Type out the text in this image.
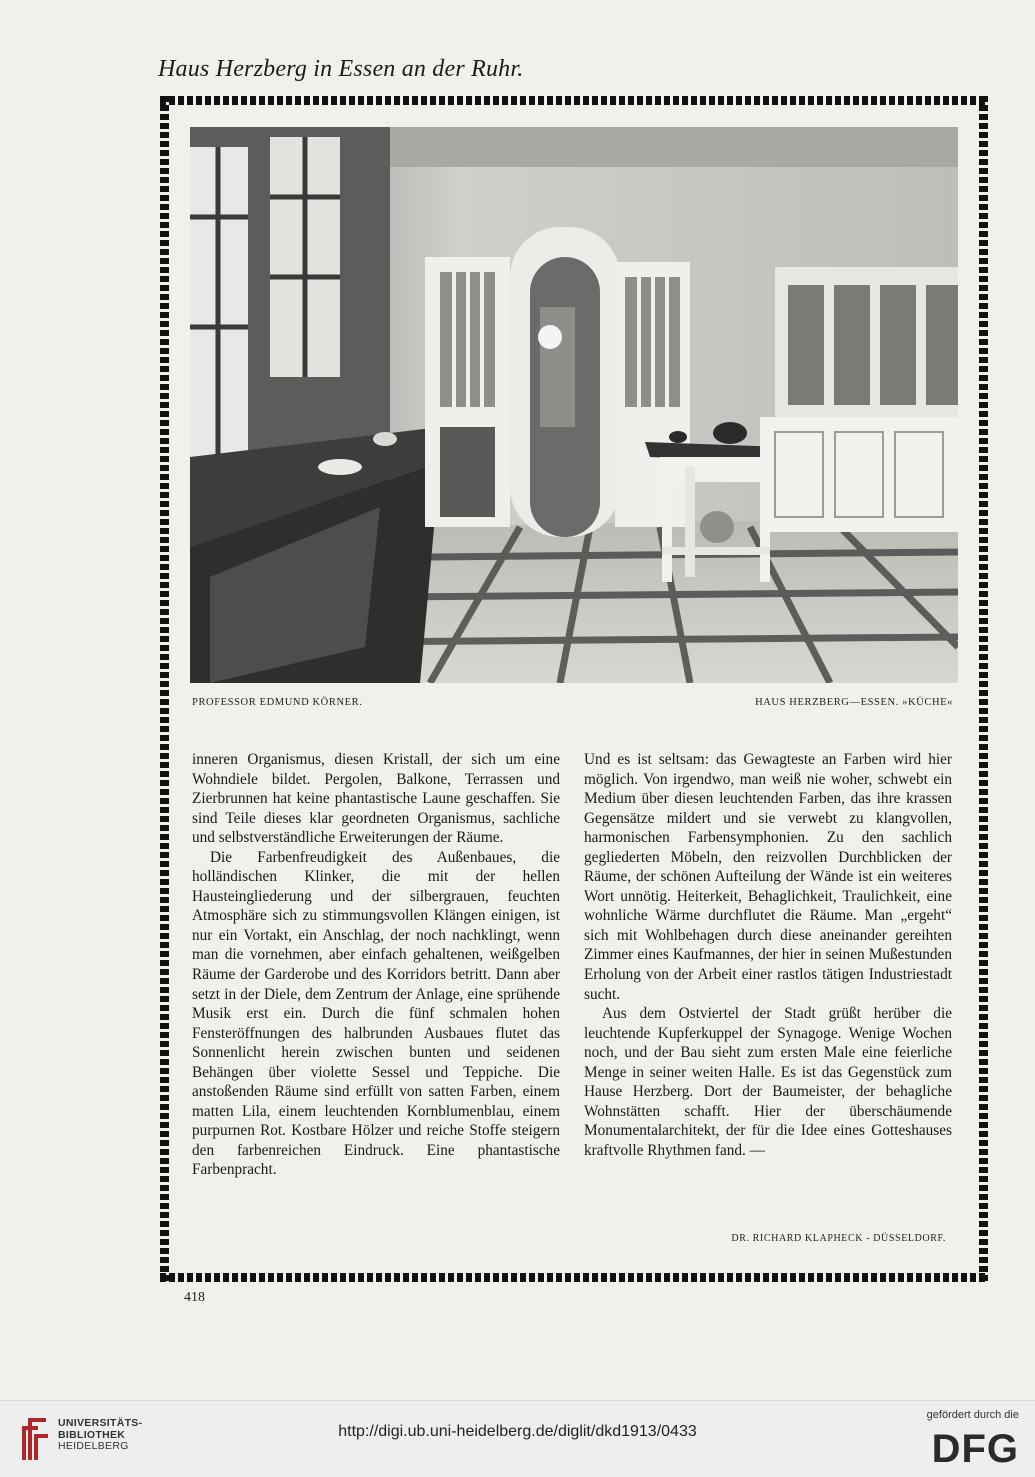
Haus Herzberg in Essen an der Ruhr.
PROFESSOR EDMUND KÖRNER.	HAUS HERZBERG—ESSEN. »KÜCHE«

inneren Organismus, diesen Kristall, der sich um eine Wohndiele bildet. Pergolen, Balkone, Terrassen und Zierbrunnen hat keine phantastische Laune geschaffen. Sie sind Teile dieses klar geordneten Organismus, sachliche und selbstverständliche Erweiterungen der Räume.

Die Farbenfreudigkeit des Außenbaues, die holländischen Klinker, die mit der hellen Hausteingliederung und der silbergrauen, feuchten Atmosphäre sich zu stimmungsvollen Klängen einigen, ist nur ein Vortakt, ein Anschlag, der noch nachklingt, wenn man die vornehmen, aber einfach gehaltenen, weißgelben Räume der Garderobe und des Korridors betritt. Dann aber setzt in der Diele, dem Zentrum der Anlage, eine sprühende Musik erst ein. Durch die fünf schmalen hohen Fensteröffnungen des halbrunden Ausbaues flutet das Sonnenlicht herein zwischen bunten und seidenen Behängen über violette Sessel und Teppiche. Die anstoßenden Räume sind erfüllt von satten Farben, einem matten Lila, einem leuchtenden Kornblumenblau, einem purpurnen Rot. Kostbare Hölzer und reiche Stoffe steigern den farbenreichen Eindruck. Eine phantastische Farbenpracht.

Und es ist seltsam: das Gewagteste an Farben wird hier möglich. Von irgendwo, man weiß nie woher, schwebt ein Medium über diesen leuchtenden Farben, das ihre krassen Gegensätze mildert und sie verwebt zu klangvollen, harmonischen Farbensymphonien. Zu den sachlich gegliederten Möbeln, den reizvollen Durchblicken der Räume, der schönen Aufteilung der Wände ist ein weiteres Wort unnötig. Heiterkeit, Behaglichkeit, Traulichkeit, eine wohnliche Wärme durchflutet die Räume. Man „ergeht“ sich mit Wohlbehagen durch diese aneinander gereihten Zimmer eines Kaufmannes, der hier in seinen Mußestunden Erholung von der Arbeit einer rastlos tätigen Industriestadt sucht.

Aus dem Ostviertel der Stadt grüßt herüber die leuchtende Kupferkuppel der Synagoge. Wenige Wochen noch, und der Bau sieht zum ersten Male eine feierliche Menge in seiner weiten Halle. Es ist das Gegenstück zum Hause Herzberg. Dort der Baumeister, der behagliche Wohnstätten schafft. Hier der überschäumende Monumentalarchitekt, der für die Idee eines Gotteshauses kraftvolle Rhythmen fand. —

DR. RICHARD KLAPHECK - DÜSSELDORF.
418
UNIVERSITÄTS-
BIBLIOTHEK
HEIDELBERG
http://digi.ub.uni-heidelberg.de/diglit/dkd1913/0433
gefördert durch die
DFG
